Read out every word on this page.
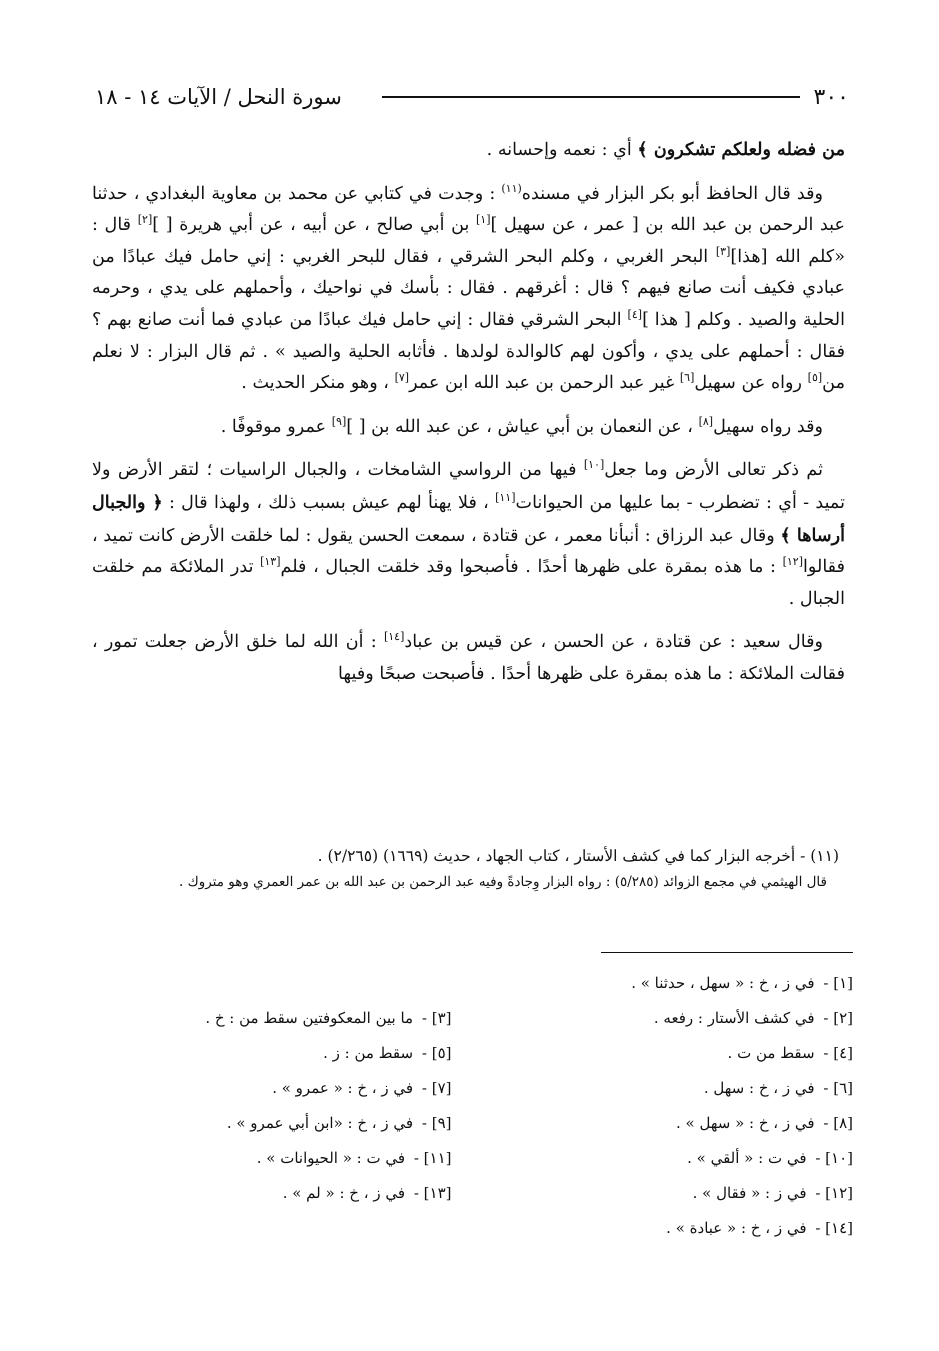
٣٠٠
سورة النحل / الآيات ١٤ - ١٨

من فضله ولعلكم تشكرون ﴾ أي : نعمه وإحسانه .

وقد قال الحافظ أبو بكر البزار في مسنده$^{(١١)}$ : وجدت في كتابي عن محمد بن معاوية البغدادي ، حدثنا عبد الرحمن بن عبد الله بن [ عمر ، عن سهيل ][١] بن أبي صالح ، عن أبيه ، عن أبي هريرة [ ][٢] قال : «كلم الله [هذا][٣] البحر الغربي ، وكلم البحر الشرقي ، فقال للبحر الغربي : إني حامل فيك عبادًا من عبادي فكيف أنت صانع فيهم ؟ قال : أغرقهم . فقال : بأسك في نواحيك ، وأحملهم على يدي ، وحرمه الحلية والصيد . وكلم [ هذا ][٤] البحر الشرقي فقال : إني حامل فيك عبادًا من عبادي فما أنت صانع بهم ؟ فقال : أحملهم على يدي ، وأكون لهم كالوالدة لولدها . فأثابه الحلية والصيد » . ثم قال البزار : لا نعلم من[٥] رواه عن سهيل[٦] غير عبد الرحمن بن عبد الله ابن عمر[٧] ، وهو منكر الحديث .

وقد رواه سهيل[٨] ، عن النعمان بن أبي عياش ، عن عبد الله بن [ ][٩] عمرو موقوفًا .

ثم ذكر تعالى الأرض وما جعل[١٠] فيها من الرواسي الشامخات ، والجبال الراسيات ؛ لتقر الأرض ولا تميد - أي : تضطرب - بما عليها من الحيوانات[١١] ، فلا يهنأ لهم عيش بسبب ذلك ، ولهذا قال : ﴿ والجبال أرساها ﴾ وقال عبد الرزاق : أنبأنا معمر ، عن قتادة ، سمعت الحسن يقول : لما خلقت الأرض كانت تميد ، فقالوا[١٢] : ما هذه بمقرة على ظهرها أحدًا . فأصبحوا وقد خلقت الجبال ، فلم[١٣] تدر الملائكة مم خلقت الجبال .

وقال سعيد : عن قتادة ، عن الحسن ، عن قيس بن عباد[١٤] : أن الله لما خلق الأرض جعلت تمور ، فقالت الملائكة : ما هذه بمقرة على ظهرها أحدًا . فأصبحت صبحًا وفيها

(١١) - أخرجه البزار كما في كشف الأستار ، كتاب الجهاد ، حديث (١٦٦٩) (٢/٢٦٥) .
قال الهيثمي في مجمع الزوائد (٥/٢٨٥) : رواه البزار وِجادةً وفيه عبد الرحمن بن عبد الله بن عمر العمري وهو متروك .
[١] - في ز ، خ : « سهل ، حدثنا » .
[٢] - في كشف الأستار : رفعه .
[٣] - ما بين المعكوفتين سقط من : خ .
[٤] - سقط من ت .
[٥] - سقط من : ز .
[٦] - في ز ، خ : سهل .
[٧] - في ز ، خ : « عمرو » .
[٨] - في ز ، خ : « سهل » .
[٩] - في ز ، خ : «ابن أبي عمرو » .
[١٠] - في ت : « ألقي » .
[١١] - في ت : « الحيوانات » .
[١٢] - في ز : « فقال » .
[١٣] - في ز ، خ : « لم » .
[١٤] - في ز ، خ : « عبادة » .
